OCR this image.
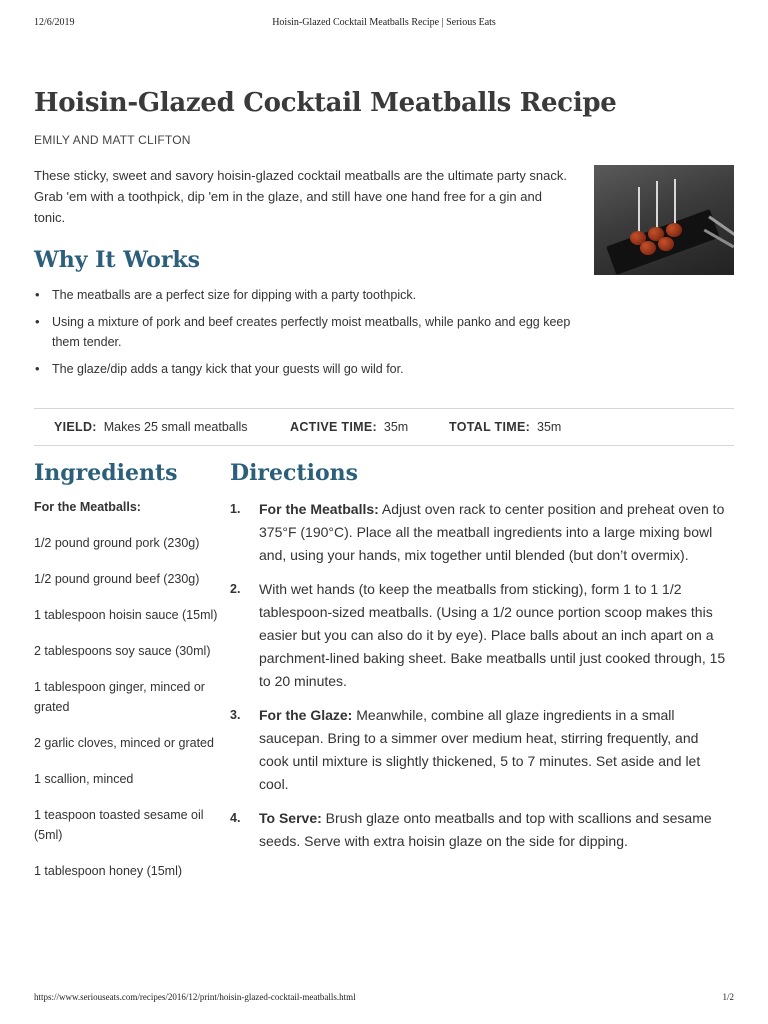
12/6/2019	Hoisin-Glazed Cocktail Meatballs Recipe | Serious Eats
Hoisin-Glazed Cocktail Meatballs Recipe
EMILY AND MATT CLIFTON

These sticky, sweet and savory hoisin-glazed cocktail meatballs are the ultimate party snack. Grab 'em with a toothpick, dip 'em in the glaze, and still have one hand free for a gin and tonic.

Why It Works
• The meatballs are a perfect size for dipping with a party toothpick.
• Using a mixture of pork and beef creates perfectly moist meatballs, while panko and egg keep them tender.
• The glaze/dip adds a tangy kick that your guests will go wild for.
YIELD: Makes 25 small meatballs	ACTIVE TIME: 35m	TOTAL TIME: 35m
Ingredients
For the Meatballs:
1/2 pound ground pork (230g)
1/2 pound ground beef (230g)
1 tablespoon hoisin sauce (15ml)
2 tablespoons soy sauce (30ml)
1 tablespoon ginger, minced or grated
2 garlic cloves, minced or grated
1 scallion, minced
1 teaspoon toasted sesame oil (5ml)
1 tablespoon honey (15ml)
Directions
1. For the Meatballs: Adjust oven rack to center position and preheat oven to 375°F (190°C). Place all the meatball ingredients into a large mixing bowl and, using your hands, mix together until blended (but don’t overmix).
2. With wet hands (to keep the meatballs from sticking), form 1 to 1 1/2 tablespoon-sized meatballs. (Using a 1/2 ounce portion scoop makes this easier but you can also do it by eye). Place balls about an inch apart on a parchment-lined baking sheet. Bake meatballs until just cooked through, 15 to 20 minutes.
3. For the Glaze: Meanwhile, combine all glaze ingredients in a small saucepan. Bring to a simmer over medium heat, stirring frequently, and cook until mixture is slightly thickened, 5 to 7 minutes. Set aside and let cool.
4. To Serve: Brush glaze onto meatballs and top with scallions and sesame seeds. Serve with extra hoisin glaze on the side for dipping.
https://www.seriouseats.com/recipes/2016/12/print/hoisin-glazed-cocktail-meatballs.html	1/2
